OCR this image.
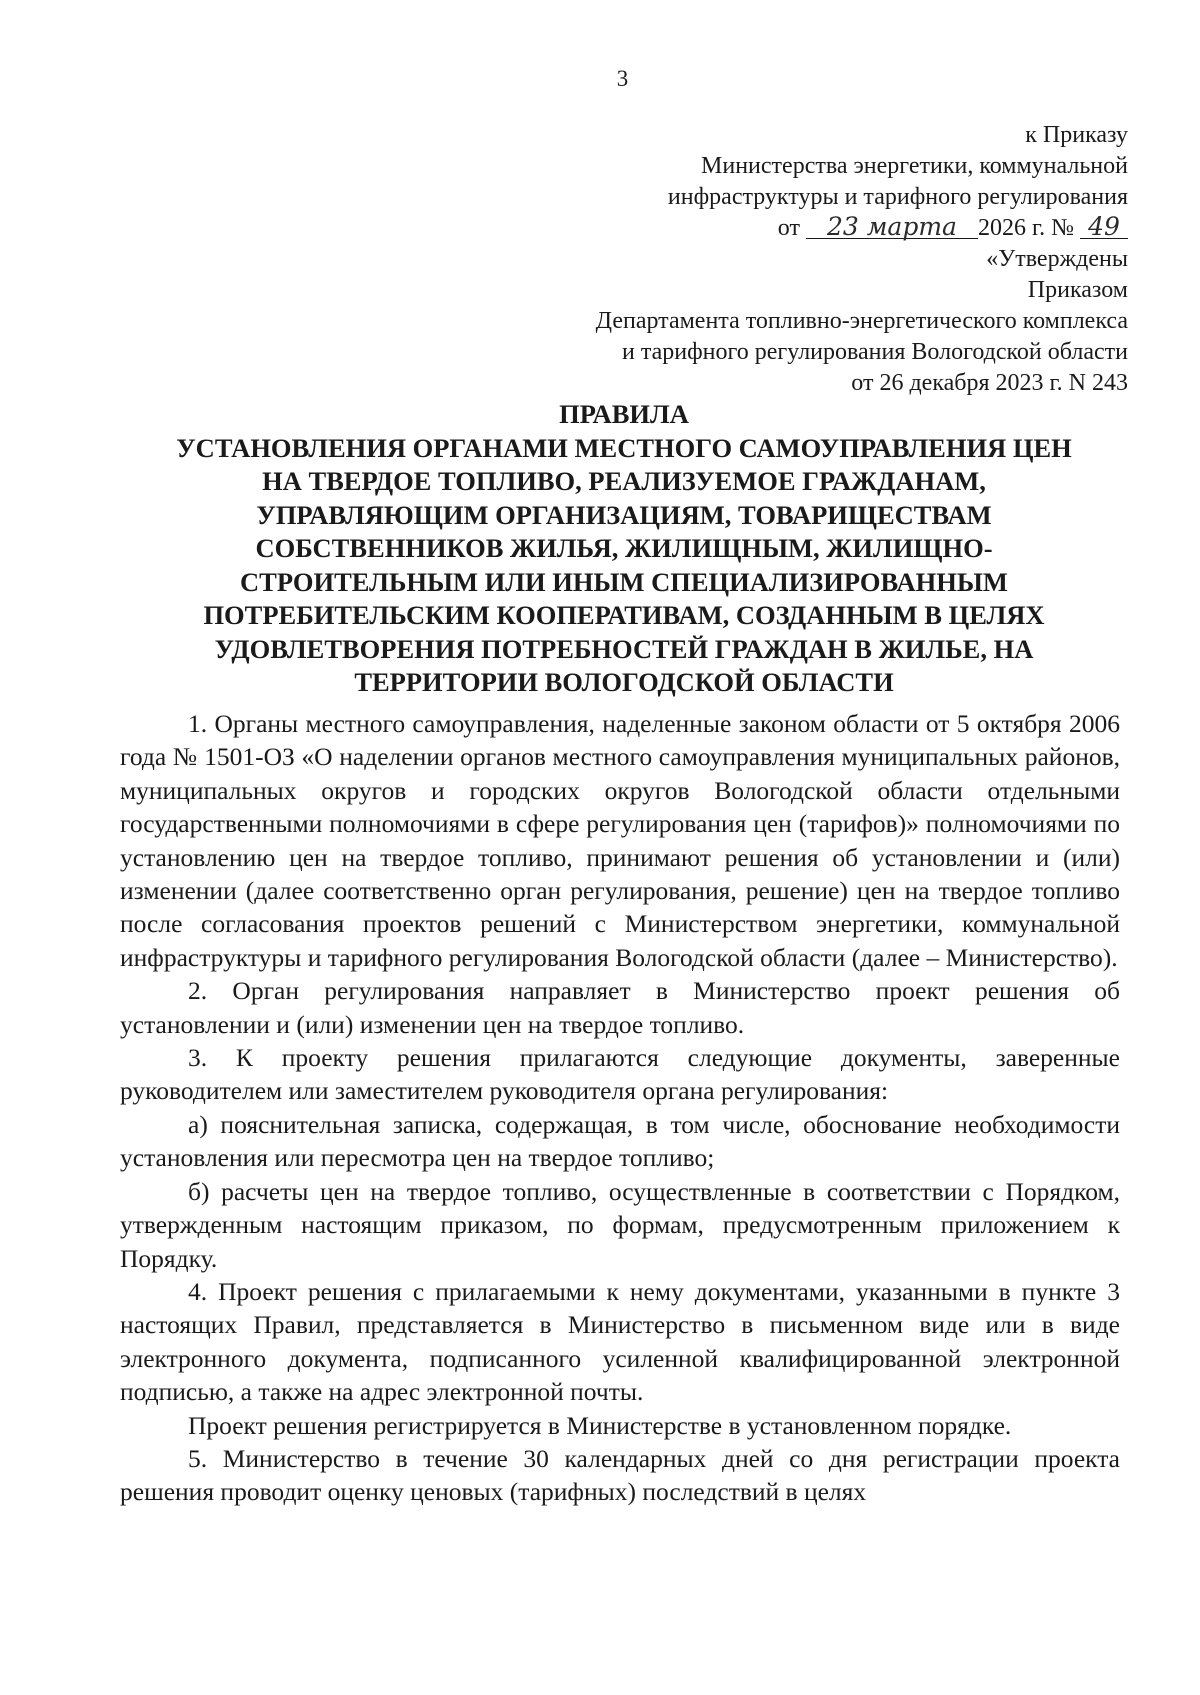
3
к Приказу
Министерства энергетики, коммунальной
инфраструктуры и тарифного регулирования
от 23 марта 2026 г. № 49
«Утверждены
Приказом
Департамента топливно-энергетического комплекса
и тарифного регулирования Вологодской области
от 26 декабря 2023 г. N 243
ПРАВИЛА
УСТАНОВЛЕНИЯ ОРГАНАМИ МЕСТНОГО САМОУПРАВЛЕНИЯ ЦЕН
НА ТВЕРДОЕ ТОПЛИВО, РЕАЛИЗУЕМОЕ ГРАЖДАНАМ,
УПРАВЛЯЮЩИМ ОРГАНИЗАЦИЯМ, ТОВАРИЩЕСТВАМ
СОБСТВЕННИКОВ ЖИЛЬЯ, ЖИЛИЩНЫМ, ЖИЛИЩНО-
СТРОИТЕЛЬНЫМ ИЛИ ИНЫМ СПЕЦИАЛИЗИРОВАННЫМ
ПОТРЕБИТЕЛЬСКИМ КООПЕРАТИВАМ, СОЗДАННЫМ В ЦЕЛЯХ
УДОВЛЕТВОРЕНИЯ ПОТРЕБНОСТЕЙ ГРАЖДАН В ЖИЛЬЕ, НА
ТЕРРИТОРИИ ВОЛОГОДСКОЙ ОБЛАСТИ

1. Органы местного самоуправления, наделенные законом области от 5 октября 2006 года № 1501-ОЗ «О наделении органов местного самоуправления муниципальных районов, муниципальных округов и городских округов Вологодской области отдельными государственными полномочиями в сфере регулирования цен (тарифов)» полномочиями по установлению цен на твердое топливо, принимают решения об установлении и (или) изменении (далее соответственно орган регулирования, решение) цен на твердое топливо после согласования проектов решений с Министерством энергетики, коммунальной инфраструктуры и тарифного регулирования Вологодской области (далее – Министерство).

2. Орган регулирования направляет в Министерство проект решения об установлении и (или) изменении цен на твердое топливо.

3. К проекту решения прилагаются следующие документы, заверенные руководителем или заместителем руководителя органа регулирования:

а) пояснительная записка, содержащая, в том числе, обоснование необходимости установления или пересмотра цен на твердое топливо;

б) расчеты цен на твердое топливо, осуществленные в соответствии с Порядком, утвержденным настоящим приказом, по формам, предусмотренным приложением к Порядку.

4. Проект решения с прилагаемыми к нему документами, указанными в пункте 3 настоящих Правил, представляется в Министерство в письменном виде или в виде электронного документа, подписанного усиленной квалифицированной электронной подписью, а также на адрес электронной почты.

Проект решения регистрируется в Министерстве в установленном порядке.

5. Министерство в течение 30 календарных дней со дня регистрации проекта решения проводит оценку ценовых (тарифных) последствий в целях
